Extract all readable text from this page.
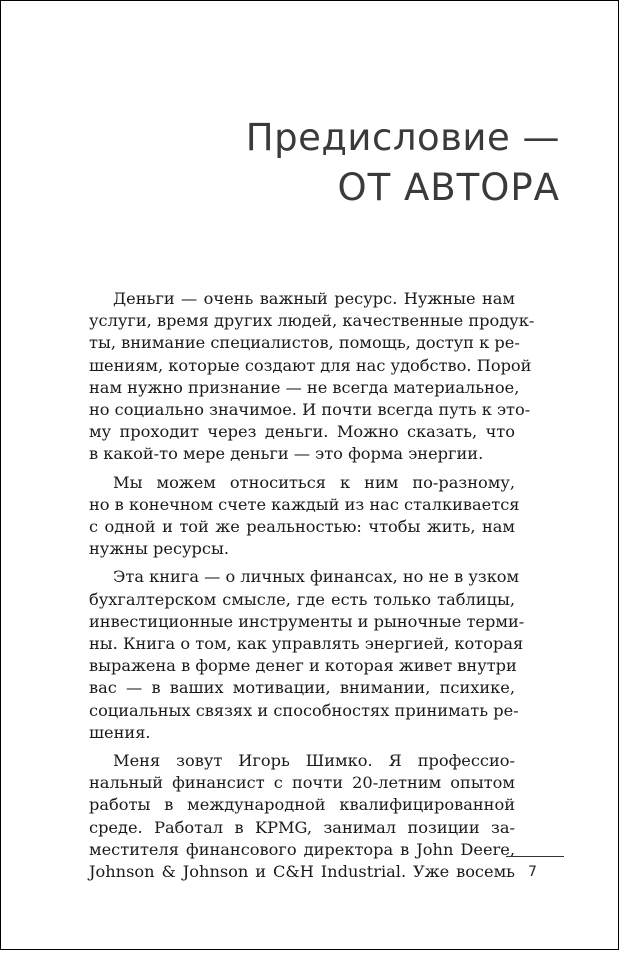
Предисловие —
ОТ АВТОРА
Деньги — очень важный ресурс. Нужные нам
услуги, время других людей, качественные продук-
ты, внимание специалистов, помощь, доступ к ре-
шениям, которые создают для нас удобство. Порой
нам нужно признание — не всегда материальное,
но социально значимое. И почти всегда путь к это-
му проходит через деньги. Можно сказать, что
в какой-то мере деньги — это форма энергии.
Мы можем относиться к ним по-разному,
но в конечном счете каждый из нас сталкивается
с одной и той же реальностью: чтобы жить, нам
нужны ресурсы.
Эта книга — о личных финансах, но не в узком
бухгалтерском смысле, где есть только таблицы,
инвестиционные инструменты и рыночные терми-
ны. Книга о том, как управлять энергией, которая
выражена в форме денег и которая живет внутри
вас — в ваших мотивации, внимании, психике,
социальных связях и способностях принимать ре-
шения.
Меня зовут Игорь Шимко. Я профессио-
нальный финансист с почти 20-летним опытом
работы в международной квалифицированной
среде. Работал в KPMG, занимал позиции за-
местителя финансового директора в John Deere,
Johnson & Johnson и C&H Industrial. Уже восемь 7
